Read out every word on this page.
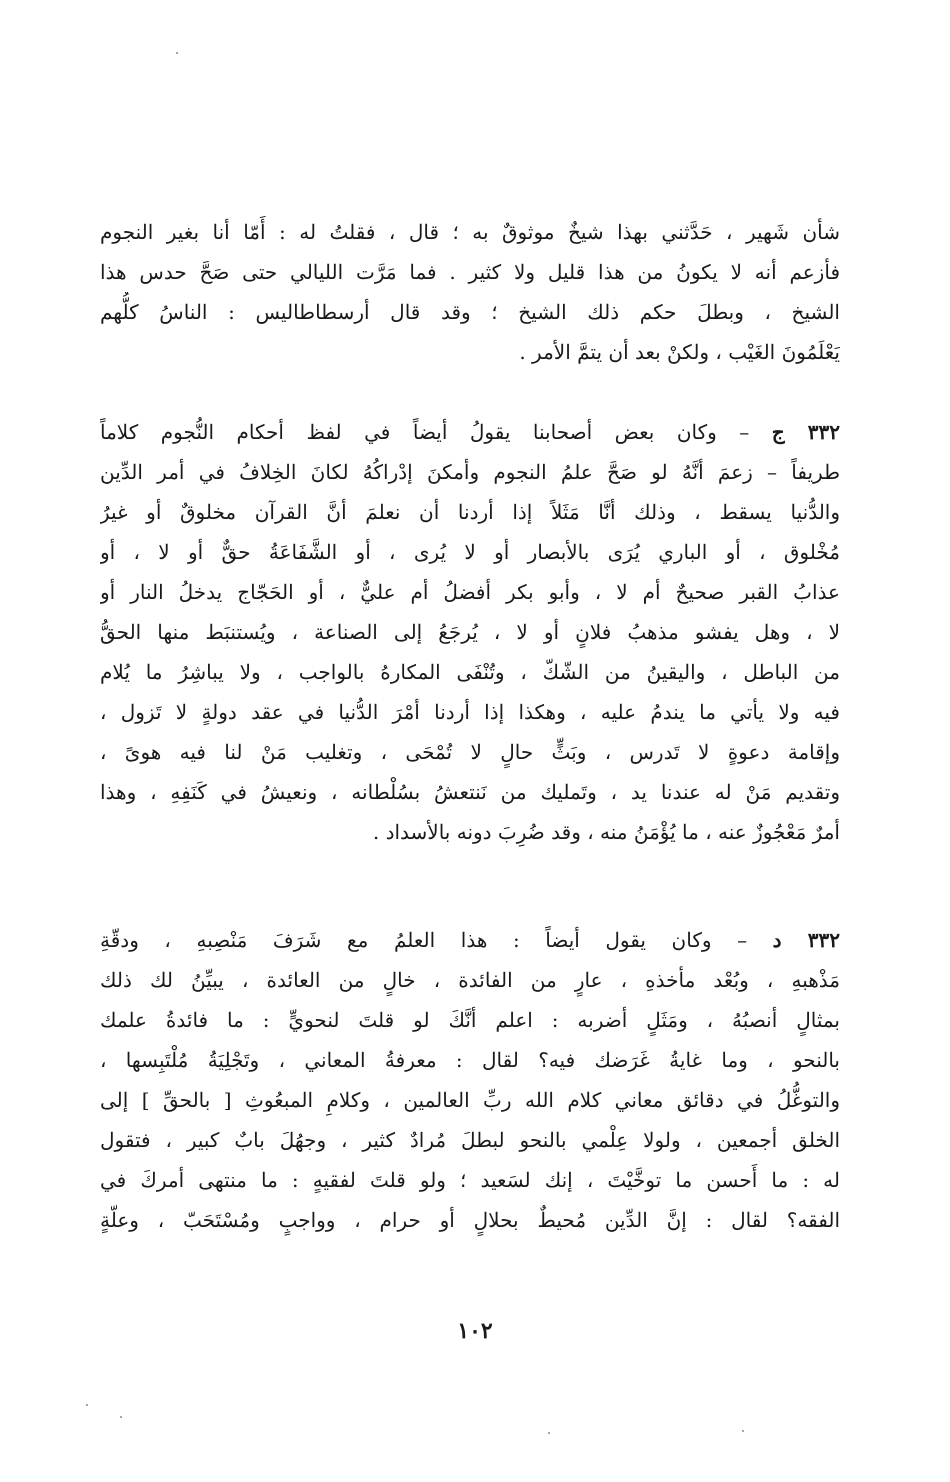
شأن شَهير ، حَدَّثني بهذا شيخٌ موثوقٌ به ؛ قال ، فقلتُ له : أَمّا أنا بغير النجوم
فأزعم أنه لا يكونُ من هذا قليل ولا كثير . فما مَرَّت الليالي حتى صَحَّ حدس هذا
الشيخ ، وبطلَ حكم ذلك الشيخ ؛ وقد قال أرسطاطاليس : الناسُ كلُّهم
يَعْلَمُونَ الغَيْب ، ولكنْ بعد أن يتمَّ الأمر .
٣٣٢ ج – وكان بعض أصحابنا يقولُ أيضاً في لفظ أحكام النُّجوم كلاماً
طريفاً – زعمَ أنَّهُ لو صَحَّ علمُ النجوم وأمكنَ إدْراكُهُ لكانَ الخِلافُ في أمر الدِّين
والدُّنيا يسقط ، وذلك أنَّا مَثَلاً إذا أردنا أن نعلمَ أنَّ القرآن مخلوقٌ أو غيرُ
مُخْلوق ، أو الباري يُرَى بالأبصار أو لا يُرى ، أو الشَّفَاعَةُ حقٌّ أو لا ، أو
عذابُ القبر صحيحٌ أم لا ، وأبو بكر أفضلُ أم عليٌّ ، أو الحَجّاج يدخلُ النار أو
لا ، وهل يفشو مذهبُ فلانٍ أو لا ، يُرجَعُ إلى الصناعة ، ويُستنبَط منها الحقُّ
من الباطل ، واليقينُ من الشّكّ ، وتُنْفَى المكارهُ بالواجب ، ولا يباشِرُ ما يُلام
فيه ولا يأتي ما يندمُ عليه ، وهكذا إذا أردنا أمْرَ الدُّنيا في عقد دولةٍ لا تَزول ،
وإقامة دعوةٍ لا تَدرس ، وبَثٍّ حالٍ لا تُمْحَى ، وتغليب مَنْ لنا فيه هوىً ،
وتقديم مَنْ له عندنا يد ، وتَمليك من نَنتعشُ بسُلْطانه ، ونعيشُ في كَنَفِهِ ، وهذا
أمرٌ مَعْجُوزٌ عنه ، ما يُؤْمَنُ منه ، وقد ضُرِبَ دونه بالأسداد .
٣٣٢ د – وكان يقول أيضاً : هذا العلمُ مع شَرَفَ مَنْصِبهِ ، ودقّةِ
مَذْهبهِ ، وبُعْد مأخذهِ ، عارٍ من الفائدة ، خالٍ من العائدة ، يبيِّنُ لك ذلك
بمثالٍ أنصبُهُ ، ومَثَلٍ أضربه : اعلم أنَّكَ لو قلتَ لنحويٍّ : ما فائدةُ علمك
بالنحو ، وما غايةُ غَرَضك فيه؟ لقال : معرفةُ المعاني ، وتَجْلِيَةُ مُلْتَبِسها ،
والتوغُّلُ في دقائق معاني كلام الله ربِّ العالمين ، وكلامِ المبعُوثِ [ بالحقِّ ] إلى
الخلق أجمعين ، ولولا عِلْمي بالنحو لبطلَ مُرادٌ كثير ، وجهُلَ بابٌ كبير ، فتقول
له : ما أَحسن ما توخَّيْتَ ، إنك لسَعيد ؛ ولو قلتَ لفقيهٍ : ما منتهى أمركَ في
الفقه؟ لقال : إنَّ الدِّين مُحيطٌ بحلالٍ أو حرام ، وواجبٍ ومُسْتَحَبّ ، وعلّةٍ
١٠٢
